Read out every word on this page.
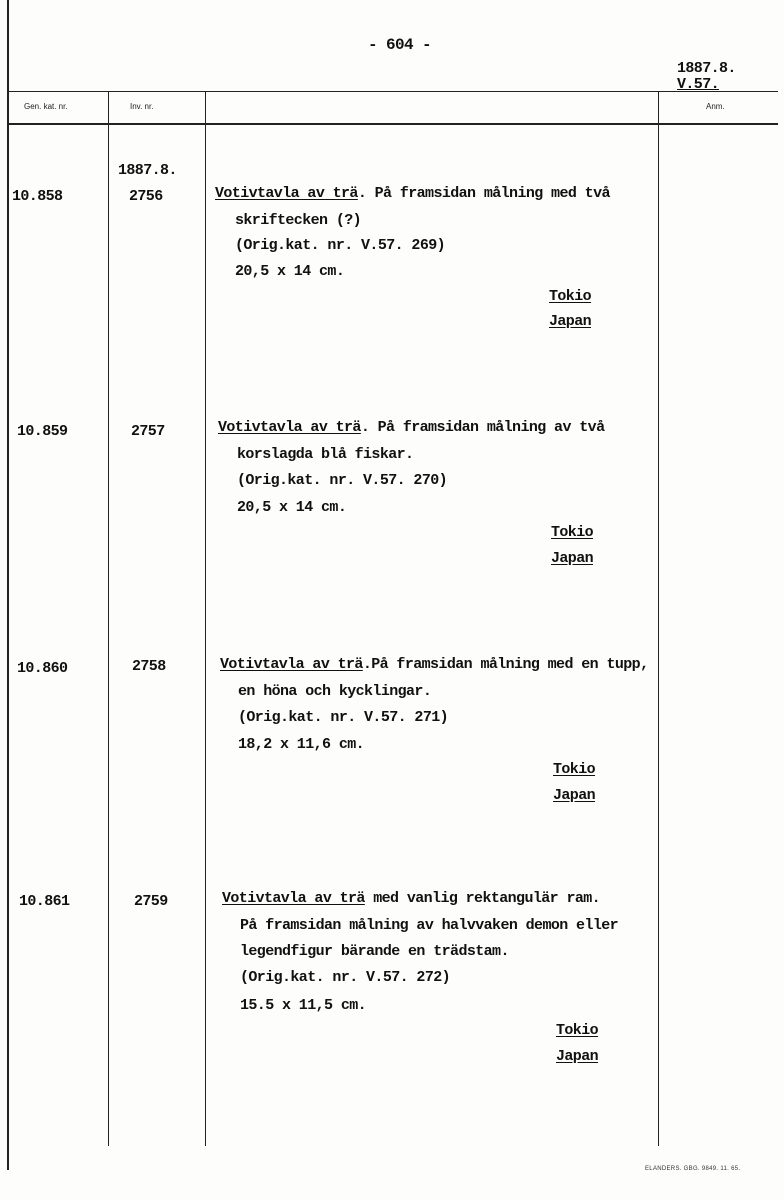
- 604 -
1887.8.
V.57.
Gen. kat. nr.	Inv. nr.	Anm.
1887.8.
10.858	2756	Votivtavla av trä. På framsidan målning med två
skriftecken (?)
(Orig.kat. nr. V.57. 269)
20,5 x 14 cm.
Tokio
Japan
10.859	2757	Votivtavla av trä. På framsidan målning av två
korslagda blå fiskar.
(Orig.kat. nr. V.57. 270)
20,5 x 14 cm.
Tokio
Japan
10.860	2758	Votivtavla av trä.På framsidan målning med en tupp,
en höna och kycklingar.
(Orig.kat. nr. V.57. 271)
18,2 x 11,6 cm.
Tokio
Japan
10.861	2759	Votivtavla av trä med vanlig rektangulär ram.
På framsidan målning av halvvaken demon eller
legendfigur bärande en trädstam.
(Orig.kat. nr. V.57. 272)
15.5 x 11,5 cm.
Tokio
Japan
ELANDERS. GBG. 9849. 11. 65.
